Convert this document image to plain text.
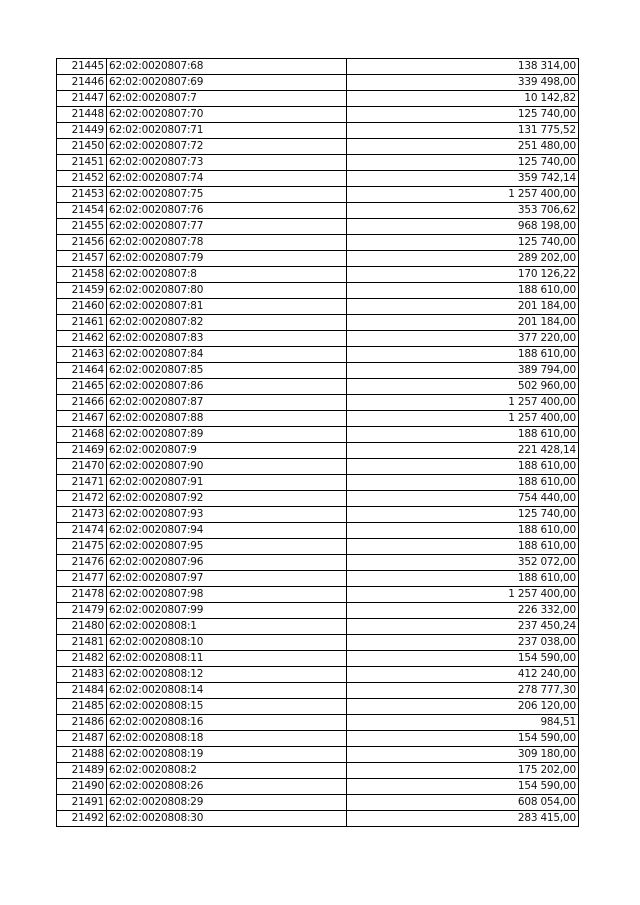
21445	62:02:0020807:68	138 314,00
21446	62:02:0020807:69	339 498,00
21447	62:02:0020807:7	10 142,82
21448	62:02:0020807:70	125 740,00
21449	62:02:0020807:71	131 775,52
21450	62:02:0020807:72	251 480,00
21451	62:02:0020807:73	125 740,00
21452	62:02:0020807:74	359 742,14
21453	62:02:0020807:75	1 257 400,00
21454	62:02:0020807:76	353 706,62
21455	62:02:0020807:77	968 198,00
21456	62:02:0020807:78	125 740,00
21457	62:02:0020807:79	289 202,00
21458	62:02:0020807:8	170 126,22
21459	62:02:0020807:80	188 610,00
21460	62:02:0020807:81	201 184,00
21461	62:02:0020807:82	201 184,00
21462	62:02:0020807:83	377 220,00
21463	62:02:0020807:84	188 610,00
21464	62:02:0020807:85	389 794,00
21465	62:02:0020807:86	502 960,00
21466	62:02:0020807:87	1 257 400,00
21467	62:02:0020807:88	1 257 400,00
21468	62:02:0020807:89	188 610,00
21469	62:02:0020807:9	221 428,14
21470	62:02:0020807:90	188 610,00
21471	62:02:0020807:91	188 610,00
21472	62:02:0020807:92	754 440,00
21473	62:02:0020807:93	125 740,00
21474	62:02:0020807:94	188 610,00
21475	62:02:0020807:95	188 610,00
21476	62:02:0020807:96	352 072,00
21477	62:02:0020807:97	188 610,00
21478	62:02:0020807:98	1 257 400,00
21479	62:02:0020807:99	226 332,00
21480	62:02:0020808:1	237 450,24
21481	62:02:0020808:10	237 038,00
21482	62:02:0020808:11	154 590,00
21483	62:02:0020808:12	412 240,00
21484	62:02:0020808:14	278 777,30
21485	62:02:0020808:15	206 120,00
21486	62:02:0020808:16	984,51
21487	62:02:0020808:18	154 590,00
21488	62:02:0020808:19	309 180,00
21489	62:02:0020808:2	175 202,00
21490	62:02:0020808:26	154 590,00
21491	62:02:0020808:29	608 054,00
21492	62:02:0020808:30	283 415,00
